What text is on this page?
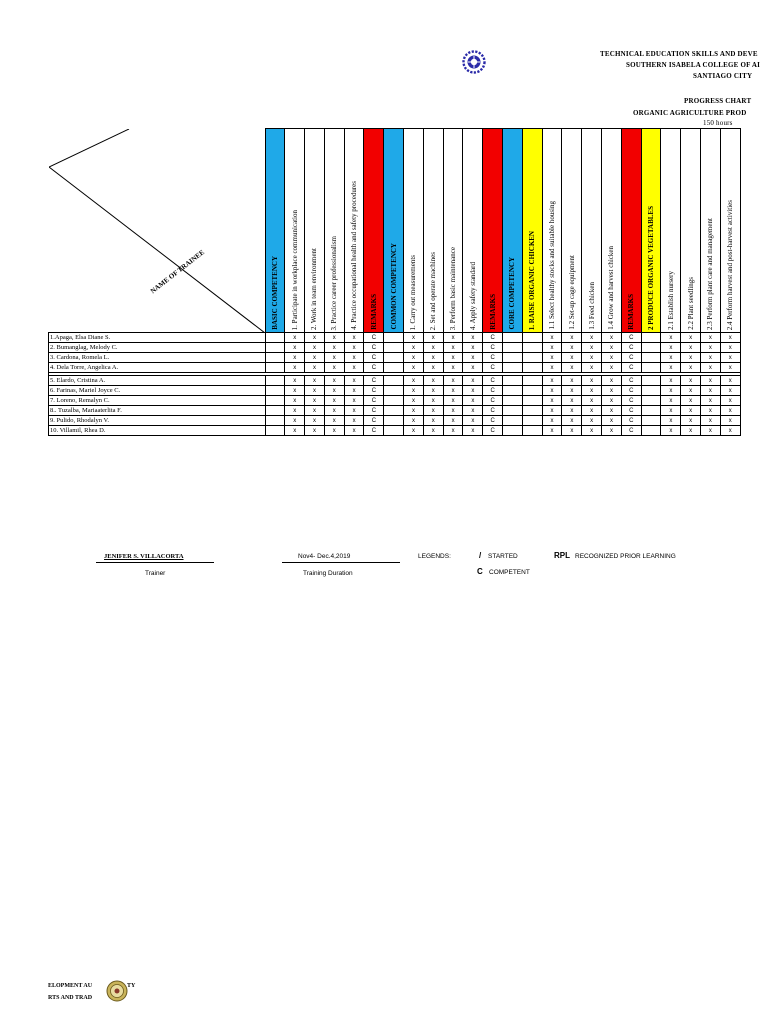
TECHNICAL EDUCATION SKILLS AND DEVE
SOUTHERN ISABELA COLLEGE OF AI
SANTIAGO CITY
PROGRESS CHART
ORGANIC AGRICULTURE PROD
150 hours
NAME OF TRAINEE	BASIC COMPETENCY	1. Participate in workplace communication	2. Work in team environment	3. Practice career professionalism	4. Practice occupational health and safety procedures	REMARKS	COMMON COMPETENCY	1. Carry out measurements	2. Set and operate machines	3. Perform basic maintenance	4. Apply safety standard	REMARKS	CORE COMPETENCY	1. RAISE ORGANIC CHICKEN	1.1 Select healthy stocks and suitable housing	1.2 Set-up cage equipment	1.3 Feed chicken	1.4 Grow and harvest chicken	REMARKS	2 PRODUCE ORGANIC VEGETABLES	2.1 Establish nursery	2.2 Plant seedlings	2.3 Perform plant care and management	2.4 Perform harvest and post-harvest activities
1.Apaga, Elsa Diane S.		x	x	x	x	C		x	x	x	x	C			x	x	x	x	C		x	x	x	x
2. Bumanglag, Melody C.		x	x	x	x	C		x	x	x	x	C			x	x	x	x	C		x	x	x	x
3. Cardona, Romela L.		x	x	x	x	C		x	x	x	x	C			x	x	x	x	C		x	x	x	x
4. Dela Torre, Angelica A.		x	x	x	x	C		x	x	x	x	C			x	x	x	x	C		x	x	x	x

5. Elardo, Cristina A.		x	x	x	x	C		x	x	x	x	C			x	x	x	x	C		x	x	x	x
6. Farinas, Mariel Joyce C.		x	x	x	x	C		x	x	x	x	C			x	x	x	x	C		x	x	x	x
7. Loreno, Remalyn C.		x	x	x	x	C		x	x	x	x	C			x	x	x	x	C		x	x	x	x
8.. Tuzalba, Mariaaterlita F.		x	x	x	x	C		x	x	x	x	C			x	x	x	x	C		x	x	x	x
9. Pulido, Rhodalyn V.		x	x	x	x	C		x	x	x	x	C			x	x	x	x	C		x	x	x	x
10. Villamil, Rhea D.		x	x	x	x	C		x	x	x	x	C			x	x	x	x	C		x	x	x	x
JENIFER S. VILLACORTA
Trainer
Nov4- Dec.4,2019
Training Duration
LEGENDS:	/ STARTED
C COMPETENT
RPL RECOGNIZED PRIOR LEARNING
ELOPMENT AU	TY
RTS AND TRAD
